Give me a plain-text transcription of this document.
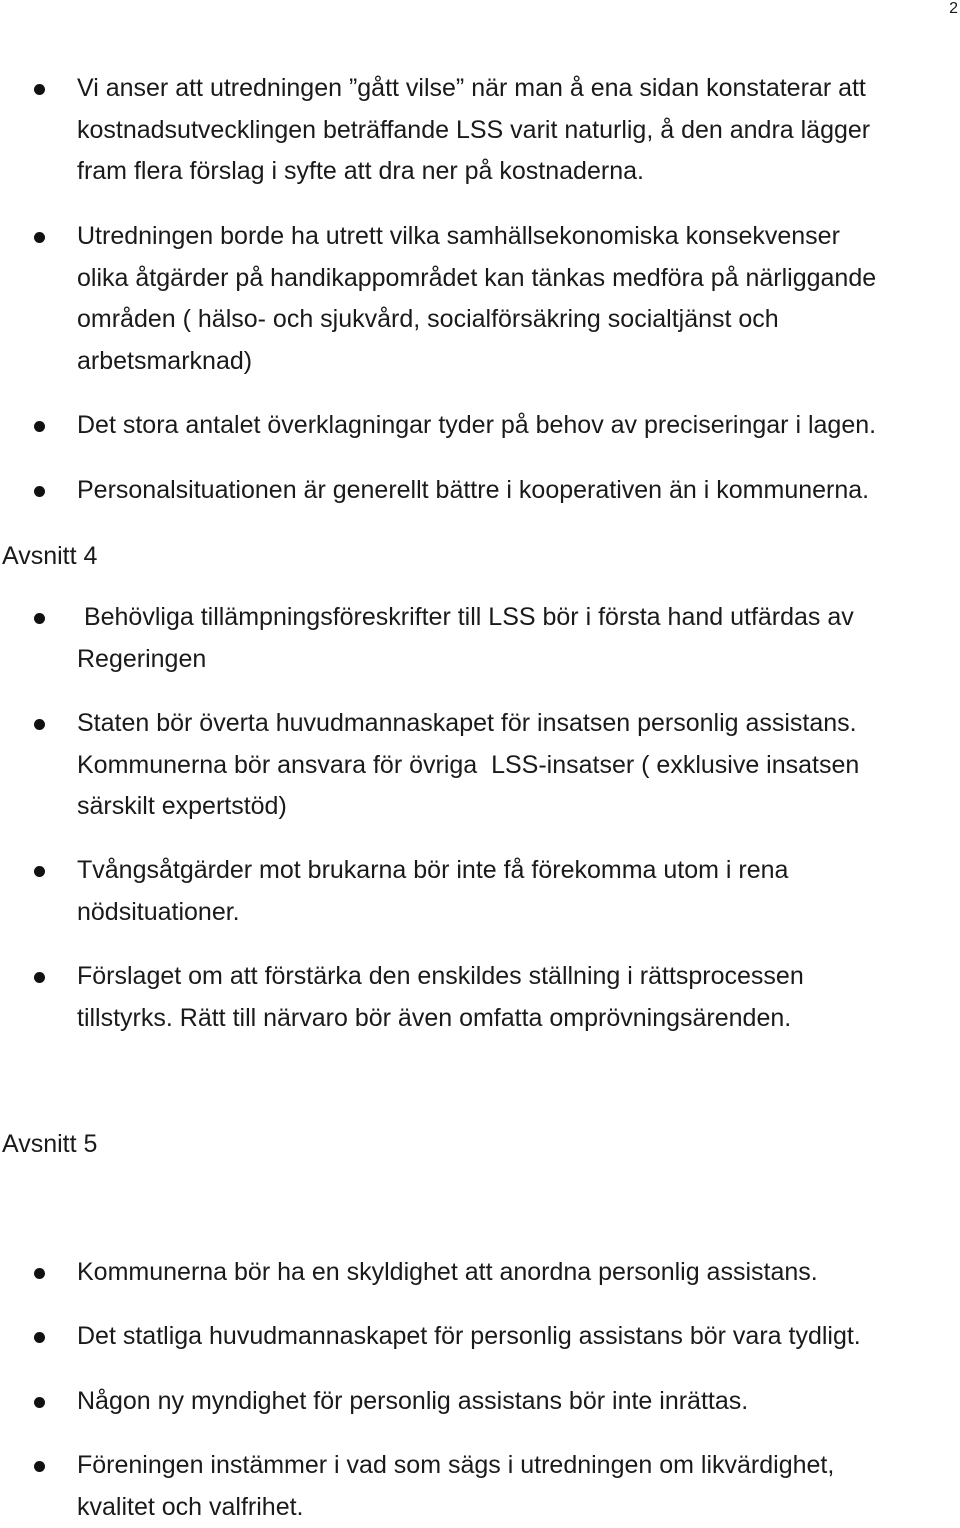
2
Vi anser att utredningen ”gått vilse” när man å ena sidan konstaterar att
kostnadsutvecklingen beträffande LSS varit naturlig, å den andra lägger
fram flera förslag i syfte att dra ner på kostnaderna.
Utredningen borde ha utrett vilka samhällsekonomiska konsekvenser
olika åtgärder på handikappområdet kan tänkas medföra på närliggande
områden ( hälso- och sjukvård, socialförsäkring socialtjänst och
arbetsmarknad)
Det stora antalet överklagningar tyder på behov av preciseringar i lagen.
Personalsituationen är generellt bättre i kooperativen än i kommunerna.
Avsnitt 4
Behövliga tillämpningsföreskrifter till LSS bör i första hand utfärdas av
Regeringen
Staten bör överta huvudmannaskapet för insatsen personlig assistans.
Kommunerna bör ansvara för övriga  LSS-insatser ( exklusive insatsen
särskilt expertstöd)
Tvångsåtgärder mot brukarna bör inte få förekomma utom i rena
nödsituationer.
Förslaget om att förstärka den enskildes ställning i rättsprocessen
tillstyrks. Rätt till närvaro bör även omfatta omprövningsärenden.
Avsnitt 5
Kommunerna bör ha en skyldighet att anordna personlig assistans.
Det statliga huvudmannaskapet för personlig assistans bör vara tydligt.
Någon ny myndighet för personlig assistans bör inte inrättas.
Föreningen instämmer i vad som sägs i utredningen om likvärdighet,
kvalitet och valfrihet.
